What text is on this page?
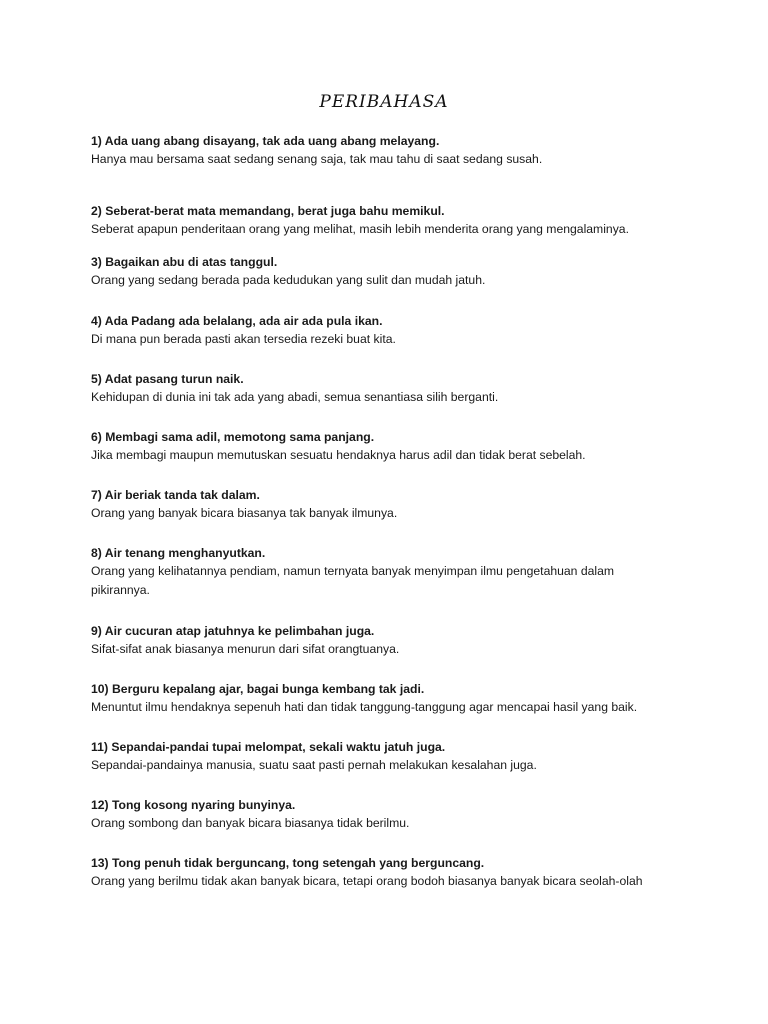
PERIBAHASA
1) Ada uang abang disayang, tak ada uang abang melayang.
Hanya mau bersama saat sedang senang saja, tak mau tahu di saat sedang susah.
2) Seberat-berat mata memandang, berat juga bahu memikul.
Seberat apapun penderitaan orang yang melihat, masih lebih menderita orang yang mengalaminya.
3) Bagaikan abu di atas tanggul.
Orang yang sedang berada pada kedudukan yang sulit dan mudah jatuh.
4) Ada Padang ada belalang, ada air ada pula ikan.
Di mana pun berada pasti akan tersedia rezeki buat kita.
5) Adat pasang turun naik.
Kehidupan di dunia ini tak ada yang abadi, semua senantiasa silih berganti.
6) Membagi sama adil, memotong sama panjang.
Jika membagi maupun memutuskan sesuatu hendaknya harus adil dan tidak berat sebelah.
7) Air beriak tanda tak dalam.
Orang yang banyak bicara biasanya tak banyak ilmunya.
8) Air tenang menghanyutkan.
Orang yang kelihatannya pendiam, namun ternyata banyak menyimpan ilmu pengetahuan dalam pikirannya.
9) Air cucuran atap jatuhnya ke pelimbahan juga.
Sifat-sifat anak biasanya menurun dari sifat orangtuanya.
10) Berguru kepalang ajar, bagai bunga kembang tak jadi.
Menuntut ilmu hendaknya sepenuh hati dan tidak tanggung-tanggung agar mencapai hasil yang baik.
11) Sepandai-pandai tupai melompat, sekali waktu jatuh juga.
Sepandai-pandainya manusia, suatu saat pasti pernah melakukan kesalahan juga.
12) Tong kosong nyaring bunyinya.
Orang sombong dan banyak bicara biasanya tidak berilmu.
13) Tong penuh tidak berguncang, tong setengah yang berguncang.
Orang yang berilmu tidak akan banyak bicara, tetapi orang bodoh biasanya banyak bicara seolah-olah
